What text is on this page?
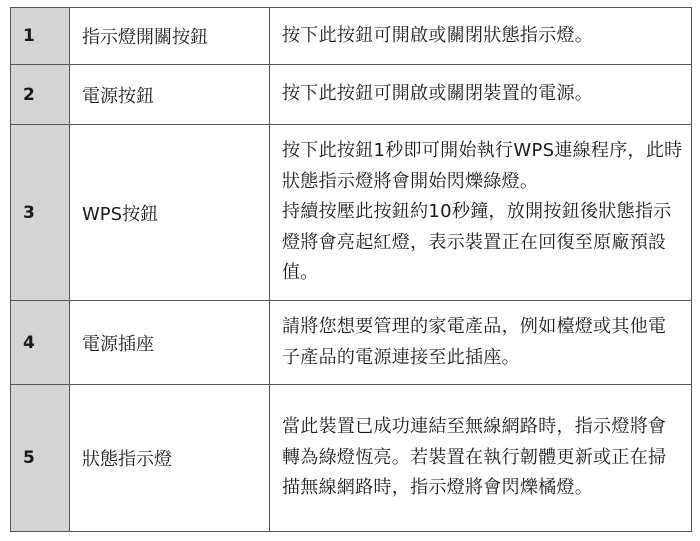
1	指示燈開關按鈕	按下此按鈕可開啟或關閉狀態指示燈。

2	電源按鈕	按下此按鈕可開啟或關閉裝置的電源。

3	WPS按鈕	按下此按鈕1秒即可開始執行WPS連線程序，此時狀態指示燈將會開始閃爍綠燈。
持續按壓此按鈕約10秒鐘，放開按鈕後狀態指示燈將會亮起紅燈，表示裝置正在回復至原廠預設值。

4	電源插座	請將您想要管理的家電產品，例如檯燈或其他電子產品的電源連接至此插座。

5	狀態指示燈	當此裝置已成功連結至無線網路時，指示燈將會轉為綠燈恆亮。若裝置在執行韌體更新或正在掃描無線網路時，指示燈將會閃爍橘燈。
